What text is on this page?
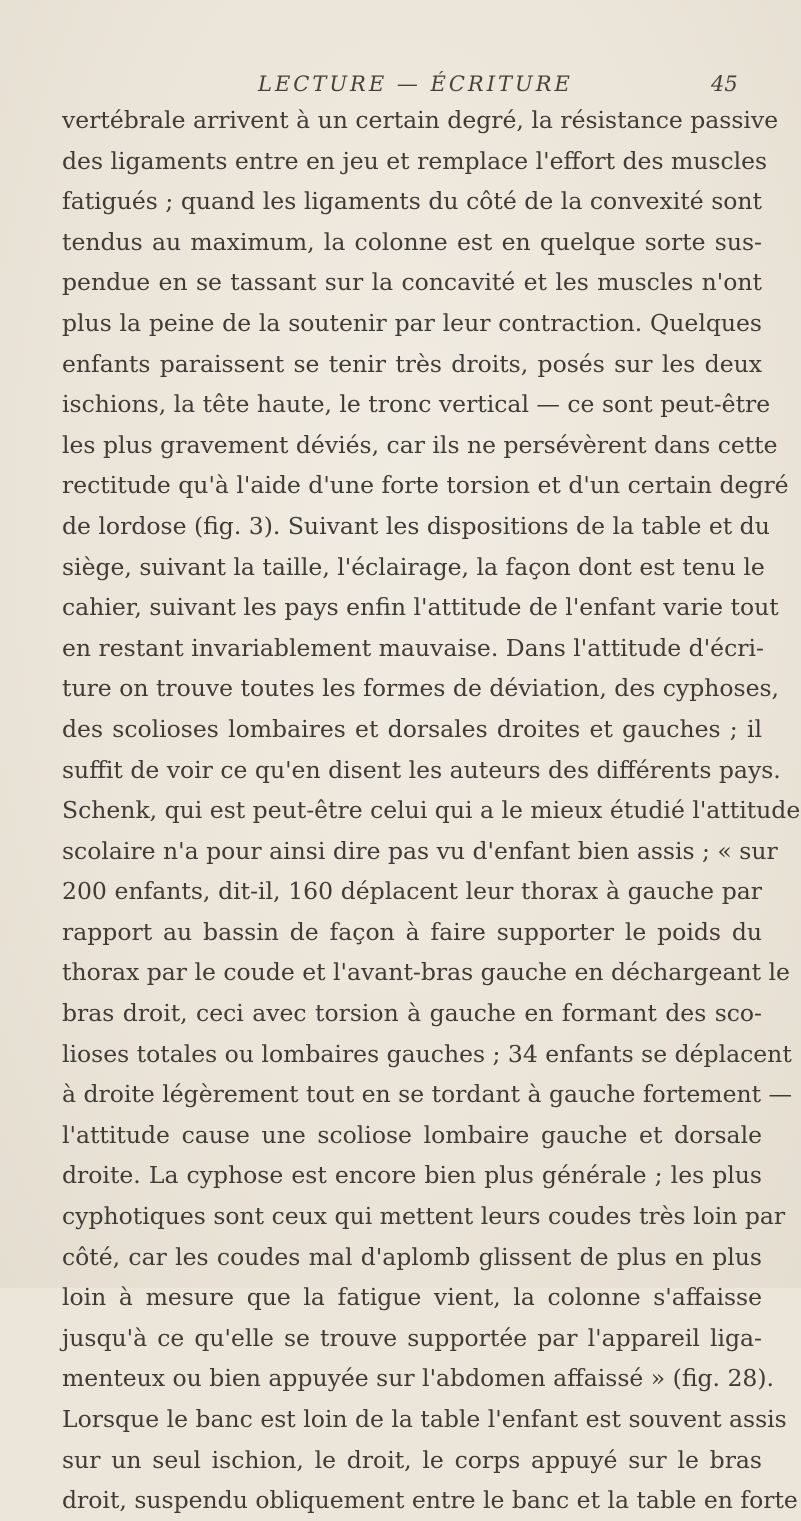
LECTURE — ÉCRITURE	45
vertébrale arrivent à un certain degré, la résistance passive
des ligaments entre en jeu et remplace l'effort des muscles
fatigués ; quand les ligaments du côté de la convexité sont
tendus au maximum, la colonne est en quelque sorte sus-
pendue en se tassant sur la concavité et les muscles n'ont
plus la peine de la soutenir par leur contraction. Quelques
enfants paraissent se tenir très droits, posés sur les deux
ischions, la tête haute, le tronc vertical — ce sont peut-être
les plus gravement déviés, car ils ne persévèrent dans cette
rectitude qu'à l'aide d'une forte torsion et d'un certain degré
de lordose (fig. 3). Suivant les dispositions de la table et du
siège, suivant la taille, l'éclairage, la façon dont est tenu le
cahier, suivant les pays enfin l'attitude de l'enfant varie tout
en restant invariablement mauvaise. Dans l'attitude d'écri-
ture on trouve toutes les formes de déviation, des cyphoses,
des scolioses lombaires et dorsales droites et gauches ; il
suffit de voir ce qu'en disent les auteurs des différents pays.
Schenk, qui est peut-être celui qui a le mieux étudié l'attitude
scolaire n'a pour ainsi dire pas vu d'enfant bien assis ; « sur
200 enfants, dit-il, 160 déplacent leur thorax à gauche par
rapport au bassin de façon à faire supporter le poids du
thorax par le coude et l'avant-bras gauche en déchargeant le
bras droit, ceci avec torsion à gauche en formant des sco-
lioses totales ou lombaires gauches ; 34 enfants se déplacent
à droite légèrement tout en se tordant à gauche fortement —
l'attitude cause une scoliose lombaire gauche et dorsale
droite. La cyphose est encore bien plus générale ; les plus
cyphotiques sont ceux qui mettent leurs coudes très loin par
côté, car les coudes mal d'aplomb glissent de plus en plus
loin à mesure que la fatigue vient, la colonne s'affaisse
jusqu'à ce qu'elle se trouve supportée par l'appareil liga-
menteux ou bien appuyée sur l'abdomen affaissé » (fig. 28).
Lorsque le banc est loin de la table l'enfant est souvent assis
sur un seul ischion, le droit, le corps appuyé sur le bras
droit, suspendu obliquement entre le banc et la table en forte
